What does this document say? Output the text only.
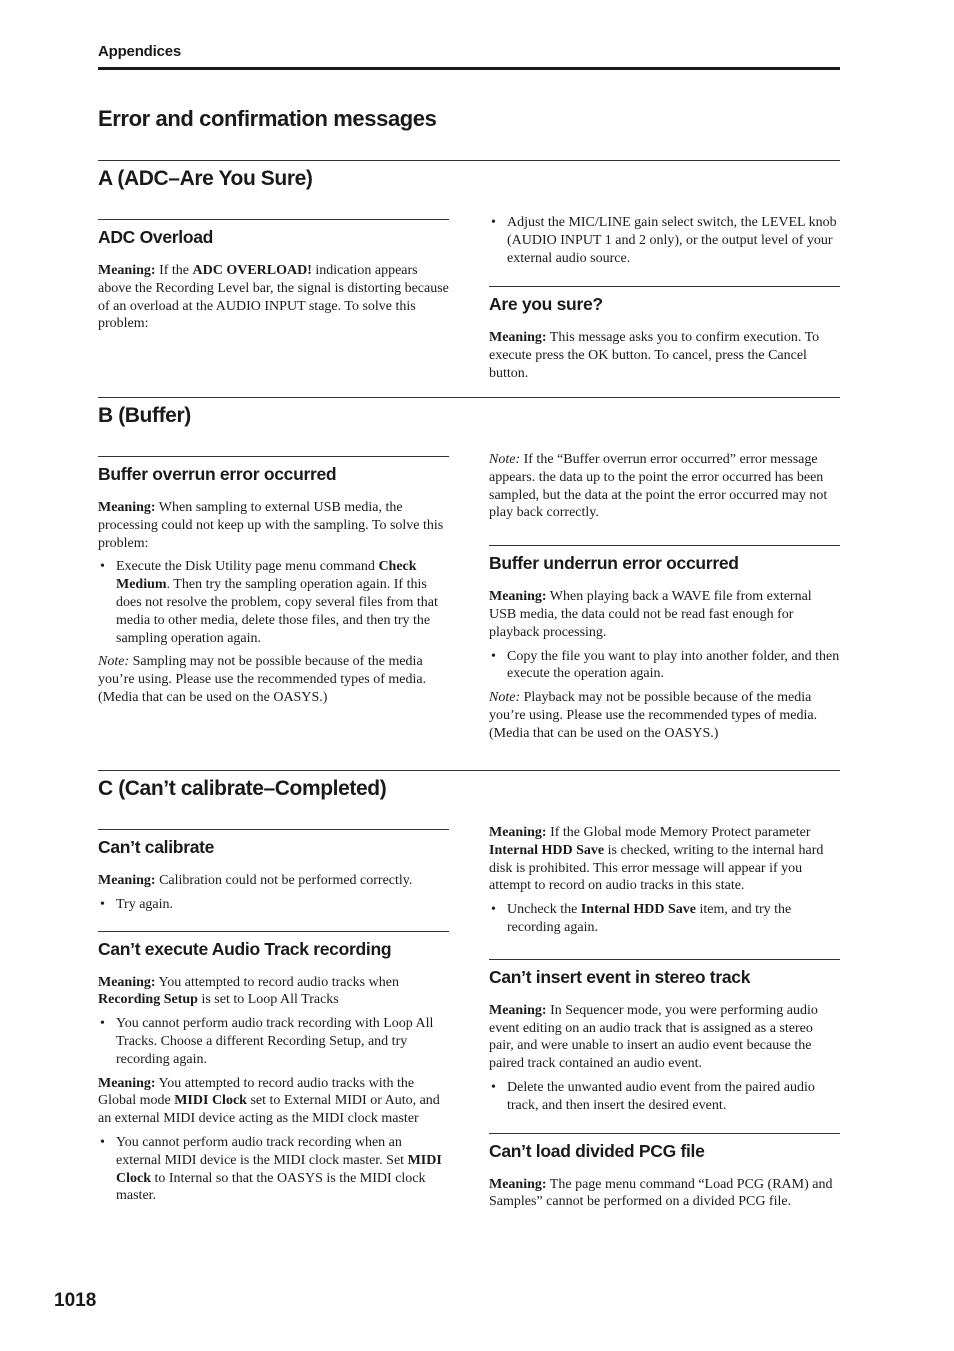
Appendices
Error and confirmation messages
A (ADC–Are You Sure)
ADC Overload

Meaning: If the ADC OVERLOAD! indication appears above the Recording Level bar, the signal is distorting because of an overload at the AUDIO INPUT stage. To solve this problem:

• Adjust the MIC/LINE gain select switch, the LEVEL knob (AUDIO INPUT 1 and 2 only), or the output level of your external audio source.
Are you sure?

Meaning: This message asks you to confirm execution. To execute press the OK button. To cancel, press the Cancel button.

B (Buffer)
Buffer overrun error occurred

Meaning: When sampling to external USB media, the processing could not keep up with the sampling. To solve this problem:

• Execute the Disk Utility page menu command Check Medium. Then try the sampling operation again. If this does not resolve the problem, copy several files from that media to other media, delete those files, and then try the sampling operation again.

Note: Sampling may not be possible because of the media you’re using. Please use the recommended types of media. (Media that can be used on the OASYS.)

Note: If the “Buffer overrun error occurred” error message appears. the data up to the point the error occurred has been sampled, but the data at the point the error occurred may not play back correctly.

Buffer underrun error occurred

Meaning: When playing back a WAVE file from external USB media, the data could not be read fast enough for playback processing.

• Copy the file you want to play into another folder, and then execute the operation again.

Note: Playback may not be possible because of the media you’re using. Please use the recommended types of media. (Media that can be used on the OASYS.)

C (Can’t calibrate–Completed)
Can’t calibrate

Meaning: Calibration could not be performed correctly.

• Try again.
Can’t execute Audio Track recording

Meaning: You attempted to record audio tracks when Recording Setup is set to Loop All Tracks

• You cannot perform audio track recording with Loop All Tracks. Choose a different Recording Setup, and try recording again.

Meaning: You attempted to record audio tracks with the Global mode MIDI Clock set to External MIDI or Auto, and an external MIDI device acting as the MIDI clock master

• You cannot perform audio track recording when an external MIDI device is the MIDI clock master. Set MIDI Clock to Internal so that the OASYS is the MIDI clock master.

Meaning: If the Global mode Memory Protect parameter Internal HDD Save is checked, writing to the internal hard disk is prohibited. This error message will appear if you attempt to record on audio tracks in this state.

• Uncheck the Internal HDD Save item, and try the recording again.
Can’t insert event in stereo track

Meaning: In Sequencer mode, you were performing audio event editing on an audio track that is assigned as a stereo pair, and were unable to insert an audio event because the paired track contained an audio event.

• Delete the unwanted audio event from the paired audio track, and then insert the desired event.
Can’t load divided PCG file

Meaning: The page menu command “Load PCG (RAM) and Samples” cannot be performed on a divided PCG file.

1018
